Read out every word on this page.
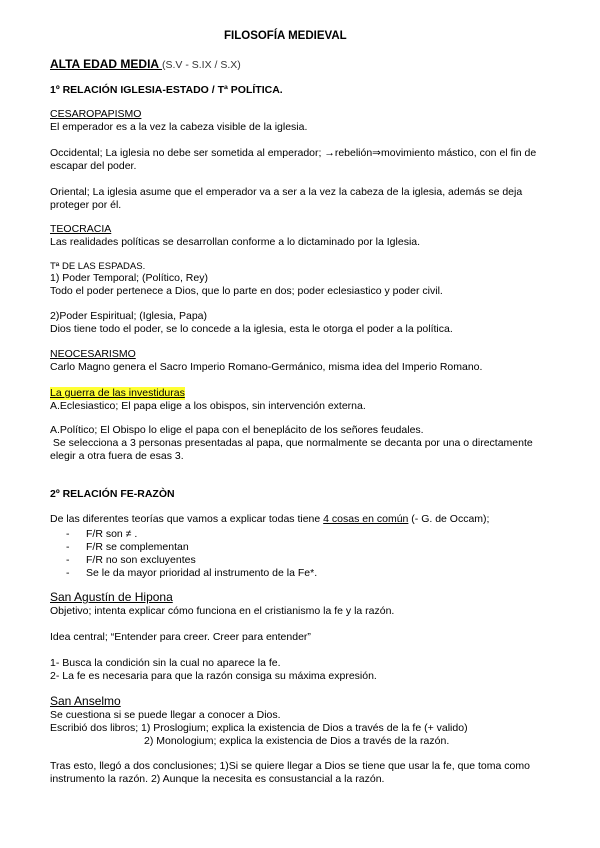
FILOSOFÍA MEDIEVAL
ALTA EDAD MEDIA (S.V - S.IX / S.X)
1º RELACIÓN IGLESIA-ESTADO / Tª POLÍTICA.
CESAROPAPISMO
El emperador es a la vez la cabeza visible de la iglesia.
Occidental; La iglesia no debe ser sometida al emperador; →rebelión⇒movimiento mástico, con el fin de
escapar del poder.
Oriental; La iglesia asume que el emperador va a ser a la vez la cabeza de la iglesia, además se deja
proteger por él.
TEOCRACIA
Las realidades políticas se desarrollan conforme a lo dictaminado por la Iglesia.
Tª DE LAS ESPADAS.
1) Poder Temporal; (Político, Rey)
Todo el poder pertenece a Dios, que lo parte en dos; poder eclesiastico y poder civil.
2)Poder Espiritual; (Iglesia, Papa)
Dios tiene todo el poder, se lo concede a la iglesia, esta le otorga el poder a la política.
NEOCESARISMO
Carlo Magno genera el Sacro Imperio Romano-Germánico, misma idea del Imperio Romano.
La guerra de las investiduras
A.Eclesiastico; El papa elige a los obispos, sin intervención externa.
A.Político; El Obispo lo elige el papa con el beneplácito de los señores feudales.
Se selecciona a 3 personas presentadas al papa, que normalmente se decanta por una o directamente
elegir a otra fuera de esas 3.
2º RELACIÓN FE-RAZÒN
De las diferentes teorías que vamos a explicar todas tiene 4 cosas en común (- G. de Occam);
- F/R son ≠ .
- F/R se complementan
- F/R no son excluyentes
- Se le da mayor prioridad al instrumento de la Fe*.
San Agustín de Hipona
Objetivo; intenta explicar cómo funciona en el cristianismo la fe y la razón.
Idea central; “Entender para creer. Creer para entender”
1- Busca la condición sin la cual no aparece la fe.
2- La fe es necesaria para que la razón consiga su máxima expresión.
San Anselmo
Se cuestiona si se puede llegar a conocer a Dios.
Escribió dos libros; 1) Proslogium; explica la existencia de Dios a través de la fe (+ valido)
2) Monologium; explica la existencia de Dios a través de la razón.
Tras esto, llegó a dos conclusiones; 1)Si se quiere llegar a Dios se tiene que usar la fe, que toma como
instrumento la razón. 2) Aunque la necesita es consustancial a la razón.
